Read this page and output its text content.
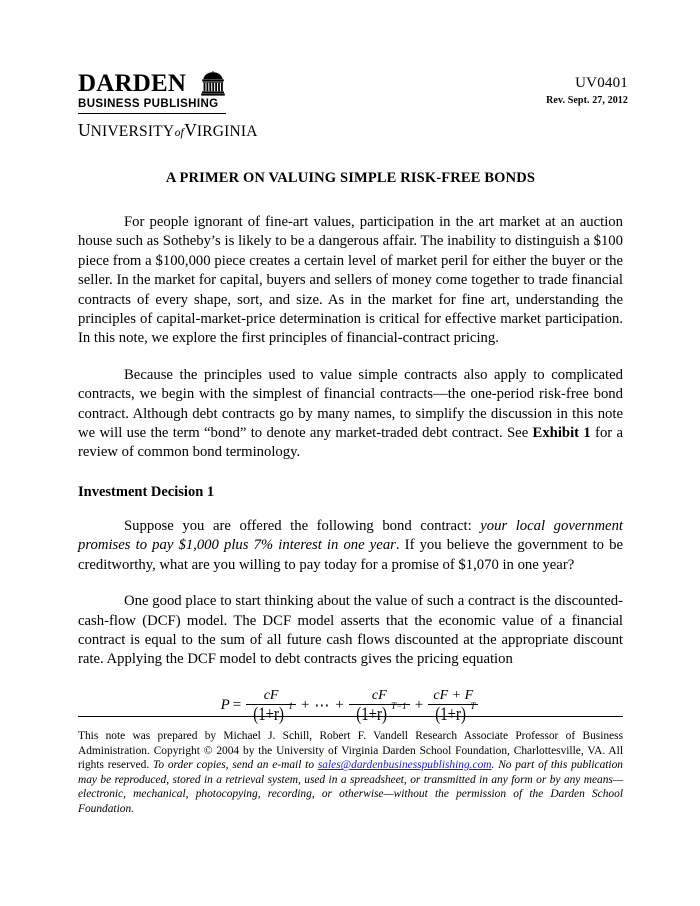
DARDEN
BUSINESS PUBLISHING
UNIVERSITYofVIRGINIA
UV0401
Rev. Sept. 27, 2012
A PRIMER ON VALUING SIMPLE RISK-FREE BONDS

For people ignorant of fine-art values, participation in the art market at an auction house such as Sotheby’s is likely to be a dangerous affair. The inability to distinguish a $100 piece from a $100,000 piece creates a certain level of market peril for either the buyer or the seller. In the market for capital, buyers and sellers of money come together to trade financial contracts of every shape, sort, and size. As in the market for fine art, understanding the principles of capital-market-price determination is critical for effective market participation. In this note, we explore the first principles of financial-contract pricing.

Because the principles used to value simple contracts also apply to complicated contracts, we begin with the simplest of financial contracts—the one-period risk-free bond contract. Although debt contracts go by many names, to simplify the discussion in this note we will use the term “bond” to denote any market-traded debt contract. See Exhibit 1 for a review of common bond terminology.

Investment Decision 1

Suppose you are offered the following bond contract: your local government promises to pay $1,000 plus 7% interest in one year. If you believe the government to be creditworthy, what are you willing to pay today for a promise of $1,070 in one year?

One good place to start thinking about the value of such a contract is the discounted-cash-flow (DCF) model. The DCF model asserts that the economic value of a financial contract is equal to the sum of all future cash flows discounted at the appropriate discount rate. Applying the DCF model to debt contracts gives the pricing equation

$P = \frac{cF}{(1+r) 1}$ + ⋯ + $\frac{cF}{(1+r) T-1} + \frac{cF + F}{(1+r) T}$

This note was prepared by Michael J. Schill, Robert F. Vandell Research Associate Professor of Business Administration. Copyright © 2004 by the University of Virginia Darden School Foundation, Charlottesville, VA. All rights reserved. To order copies, send an e-mail to sales@dardenbusinesspublishing.com. No part of this publication may be reproduced, stored in a retrieval system, used in a spreadsheet, or transmitted in any form or by any means—electronic, mechanical, photocopying, recording, or otherwise—without the permission of the Darden School Foundation.
